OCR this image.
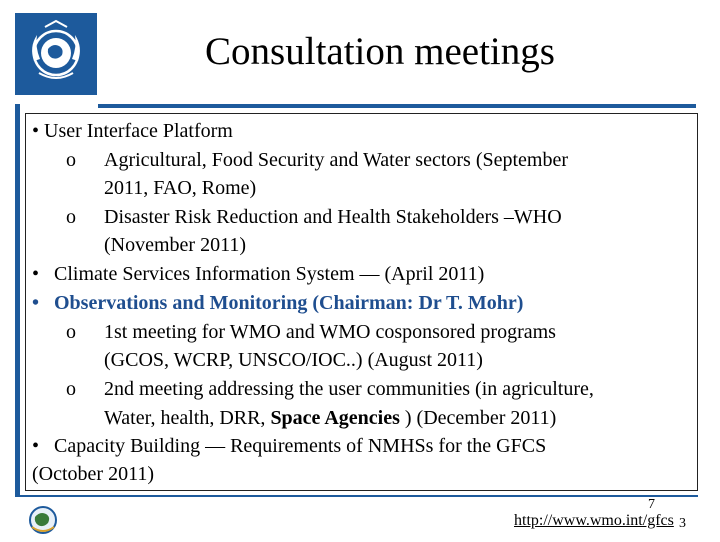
Consultation meetings
• User Interface Platform
o Agricultural, Food Security and Water sectors (September
2011, FAO, Rome)
o Disaster Risk Reduction and Health Stakeholders –WHO
(November 2011)
• Climate Services Information System — (April 2011)
• Observations and Monitoring (Chairman: Dr T. Mohr)
o 1st meeting for WMO and WMO cosponsored programs
(GCOS, WCRP, UNSCO/IOC..) (August 2011)
o 2nd meeting addressing the user communities (in agriculture,
Water, health, DRR, Space Agencies ) (December 2011)
• Capacity Building — Requirements of NMHSs for the GFCS
(October 2011)
7
http://www.wmo.int/gfcs 3
